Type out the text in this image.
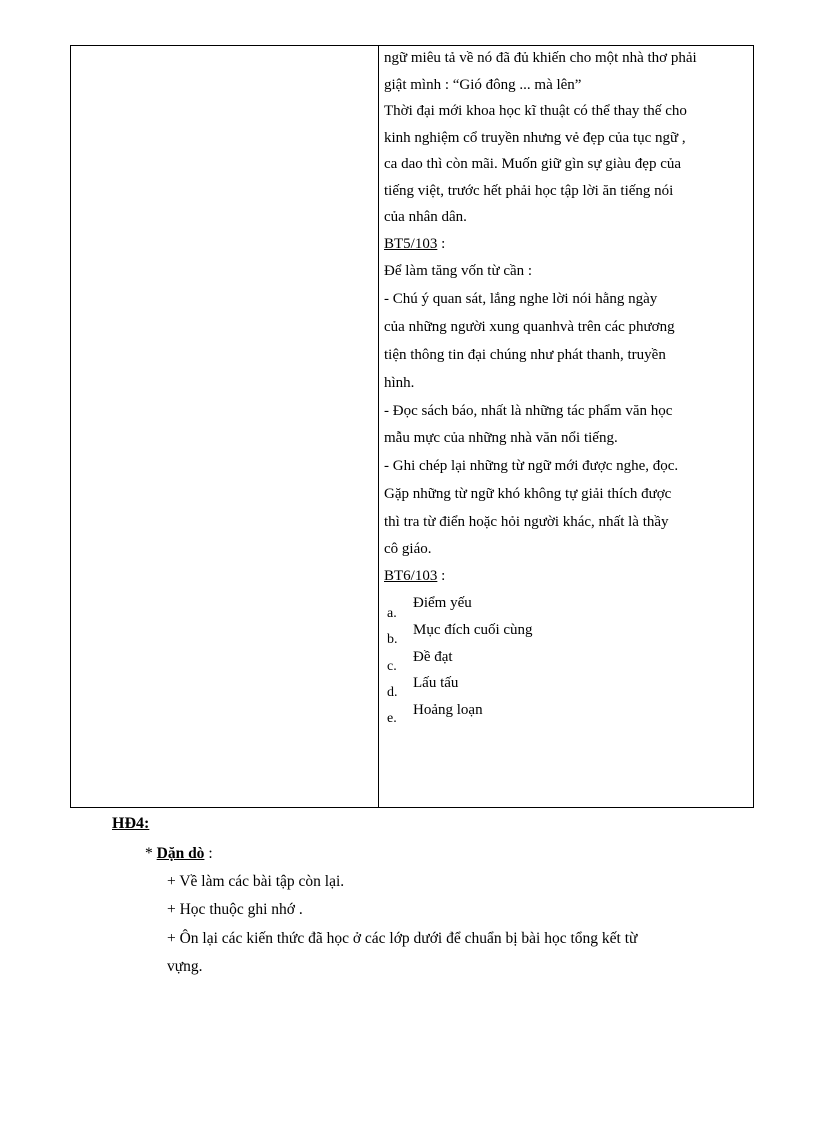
ngữ miêu tả về nó đã đủ khiến cho một nhà thơ phải
giật mình : “Gió đông ... mà lên”
Thời đại mới khoa học kĩ thuật có thể thay thế cho
kinh nghiệm cổ truyền nhưng vẻ đẹp của tục ngữ ,
ca dao thì còn mãi. Muốn giữ gìn sự giàu đẹp của
tiếng việt, trước hết phải học tập lời ăn tiếng nói
của nhân dân.
BT5/103 :
Để làm tăng vốn từ cần :
- Chú ý quan sát, lắng nghe lời nói hằng ngày
của những người xung quanhvà trên các phương
tiện thông tin đại chúng như phát thanh, truyền
hình.
- Đọc sách báo, nhất là những tác phẩm văn học
mẫu mực của những nhà văn nổi tiếng.
- Ghi chép lại những từ ngữ mới được nghe, đọc.
Gặp những từ ngữ khó không tự giải thích được
thì tra từ điển hoặc hỏi người khác, nhất là thầy
cô giáo.
BT6/103 :
a.
Điểm yếu
b.
Mục đích cuối cùng
c.
Đề đạt
d.
Lấu tấu
e.
Hoảng loạn
HĐ4:
* Dặn dò :
+ Về làm các bài tập còn lại.
+ Học thuộc ghi nhớ .
+ Ôn lại các kiến thức đã học ở các lớp dưới để chuẩn bị bài học tổng kết từ
vựng.
